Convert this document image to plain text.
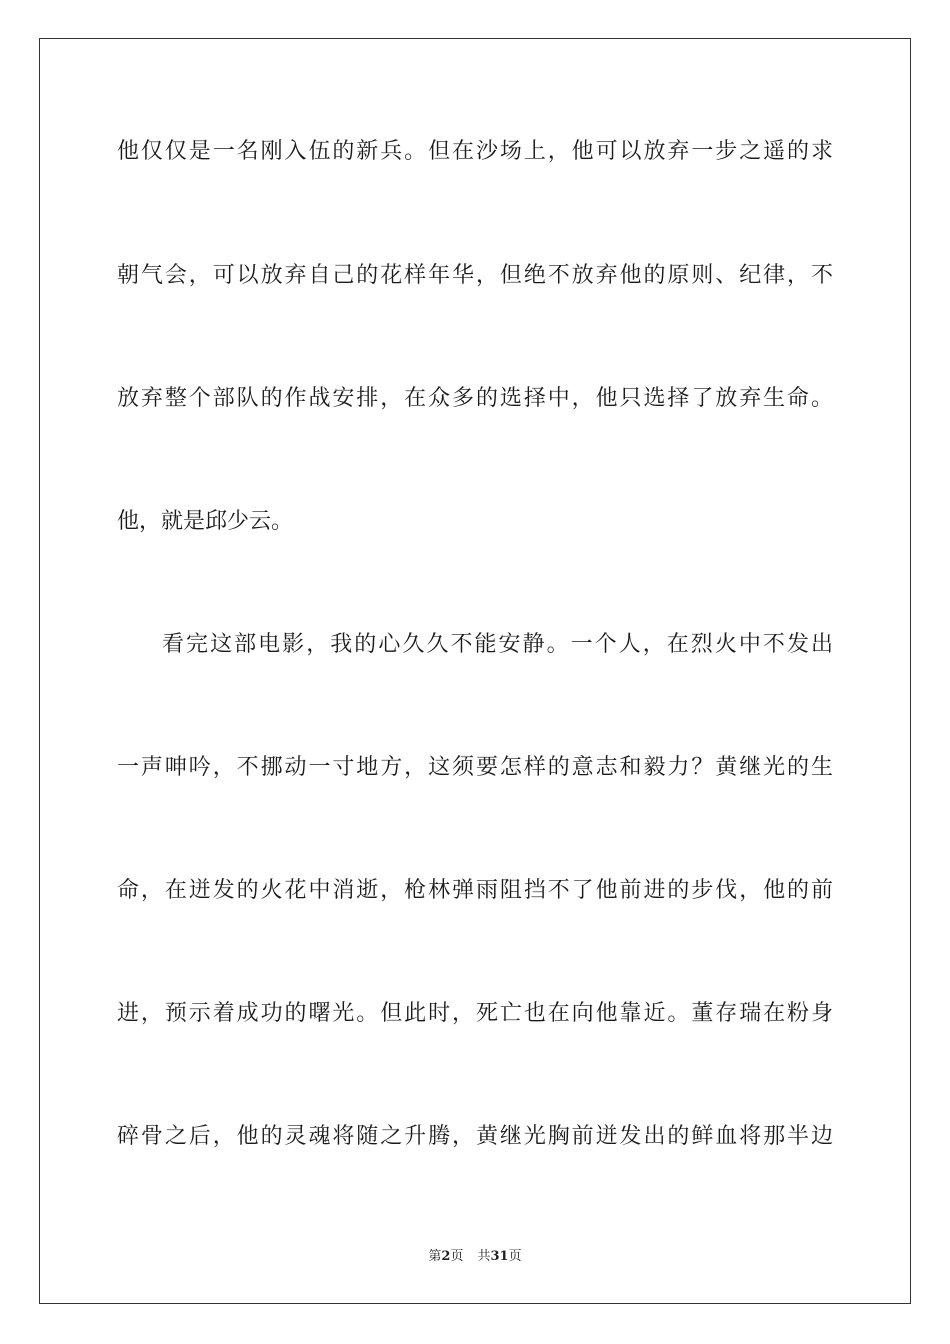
他仅仅是一名刚入伍的新兵。但在沙场上，他可以放弃一步之遥的求
朝气会，可以放弃自己的花样年华，但绝不放弃他的原则、纪律，不
放弃整个部队的作战安排，在众多的选择中，他只选择了放弃生命。
他，就是邱少云。
看完这部电影，我的心久久不能安静。一个人，在烈火中不发出
一声呻吟，不挪动一寸地方，这须要怎样的意志和毅力？黄继光的生
命，在迸发的火花中消逝，枪林弹雨阻挡不了他前进的步伐，他的前
进，预示着成功的曙光。但此时，死亡也在向他靠近。董存瑞在粉身
碎骨之后，他的灵魂将随之升腾，黄继光胸前迸发出的鲜血将那半边
第2页 共31页
